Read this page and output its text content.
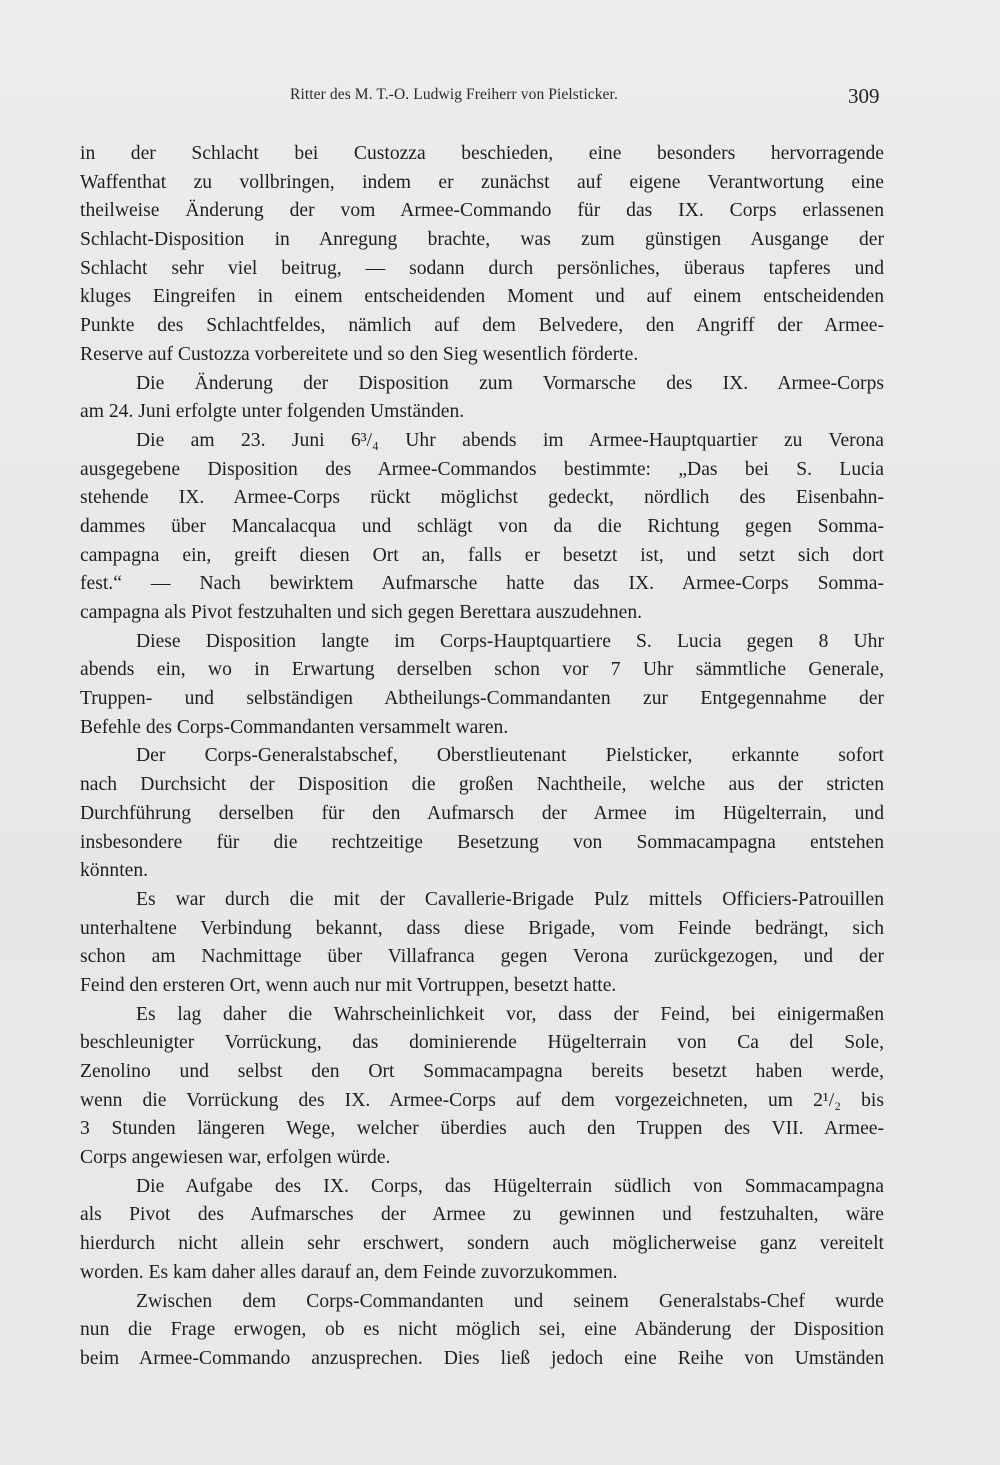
Ritter des M. T.-O. Ludwig Freiherr von Pielsticker.	309
in der Schlacht bei Custozza beschieden, eine besonders hervorragende
Waffenthat zu vollbringen, indem er zunächst auf eigene Verantwortung eine
theilweise Änderung der vom Armee-Commando für das IX. Corps erlassenen
Schlacht-Disposition in Anregung brachte, was zum günstigen Ausgange der
Schlacht sehr viel beitrug, — sodann durch persönliches, überaus tapferes und
kluges Eingreifen in einem entscheidenden Moment und auf einem entscheidenden
Punkte des Schlachtfeldes, nämlich auf dem Belvedere, den Angriff der Armee-
Reserve auf Custozza vorbereitete und so den Sieg wesentlich förderte.
Die Änderung der Disposition zum Vormarsche des IX. Armee-Corps
am 24. Juni erfolgte unter folgenden Umständen.
Die am 23. Juni 6³/₄ Uhr abends im Armee-Hauptquartier zu Verona
ausgegebene Disposition des Armee-Commandos bestimmte: „Das bei S. Lucia
stehende IX. Armee-Corps rückt möglichst gedeckt, nördlich des Eisenbahn-
dammes über Mancalacqua und schlägt von da die Richtung gegen Somma-
campagna ein, greift diesen Ort an, falls er besetzt ist, und setzt sich dort
fest.“ — Nach bewirktem Aufmarsche hatte das IX. Armee-Corps Somma-
campagna als Pivot festzuhalten und sich gegen Berettara auszudehnen.
Diese Disposition langte im Corps-Hauptquartiere S. Lucia gegen 8 Uhr
abends ein, wo in Erwartung derselben schon vor 7 Uhr sämmtliche Generale,
Truppen- und selbständigen Abtheilungs-Commandanten zur Entgegennahme der
Befehle des Corps-Commandanten versammelt waren.
Der Corps-Generalstabschef, Oberstlieutenant Pielsticker, erkannte sofort
nach Durchsicht der Disposition die großen Nachtheile, welche aus der stricten
Durchführung derselben für den Aufmarsch der Armee im Hügelterrain, und
insbesondere für die rechtzeitige Besetzung von Sommacampagna entstehen
könnten.
Es war durch die mit der Cavallerie-Brigade Pulz mittels Officiers-Patrouillen
unterhaltene Verbindung bekannt, dass diese Brigade, vom Feinde bedrängt, sich
schon am Nachmittage über Villafranca gegen Verona zurückgezogen, und der
Feind den ersteren Ort, wenn auch nur mit Vortruppen, besetzt hatte.
Es lag daher die Wahrscheinlichkeit vor, dass der Feind, bei einigermaßen
beschleunigter Vorrückung, das dominierende Hügelterrain von Ca del Sole,
Zenolino und selbst den Ort Sommacampagna bereits besetzt haben werde,
wenn die Vorrückung des IX. Armee-Corps auf dem vorgezeichneten, um 2¹/₂ bis
3 Stunden längeren Wege, welcher überdies auch den Truppen des VII. Armee-
Corps angewiesen war, erfolgen würde.
Die Aufgabe des IX. Corps, das Hügelterrain südlich von Sommacampagna
als Pivot des Aufmarsches der Armee zu gewinnen und festzuhalten, wäre
hierdurch nicht allein sehr erschwert, sondern auch möglicherweise ganz vereitelt
worden. Es kam daher alles darauf an, dem Feinde zuvorzukommen.
Zwischen dem Corps-Commandanten und seinem Generalstabs-Chef wurde
nun die Frage erwogen, ob es nicht möglich sei, eine Abänderung der Disposition
beim Armee-Commando anzusprechen. Dies ließ jedoch eine Reihe von Umständen
